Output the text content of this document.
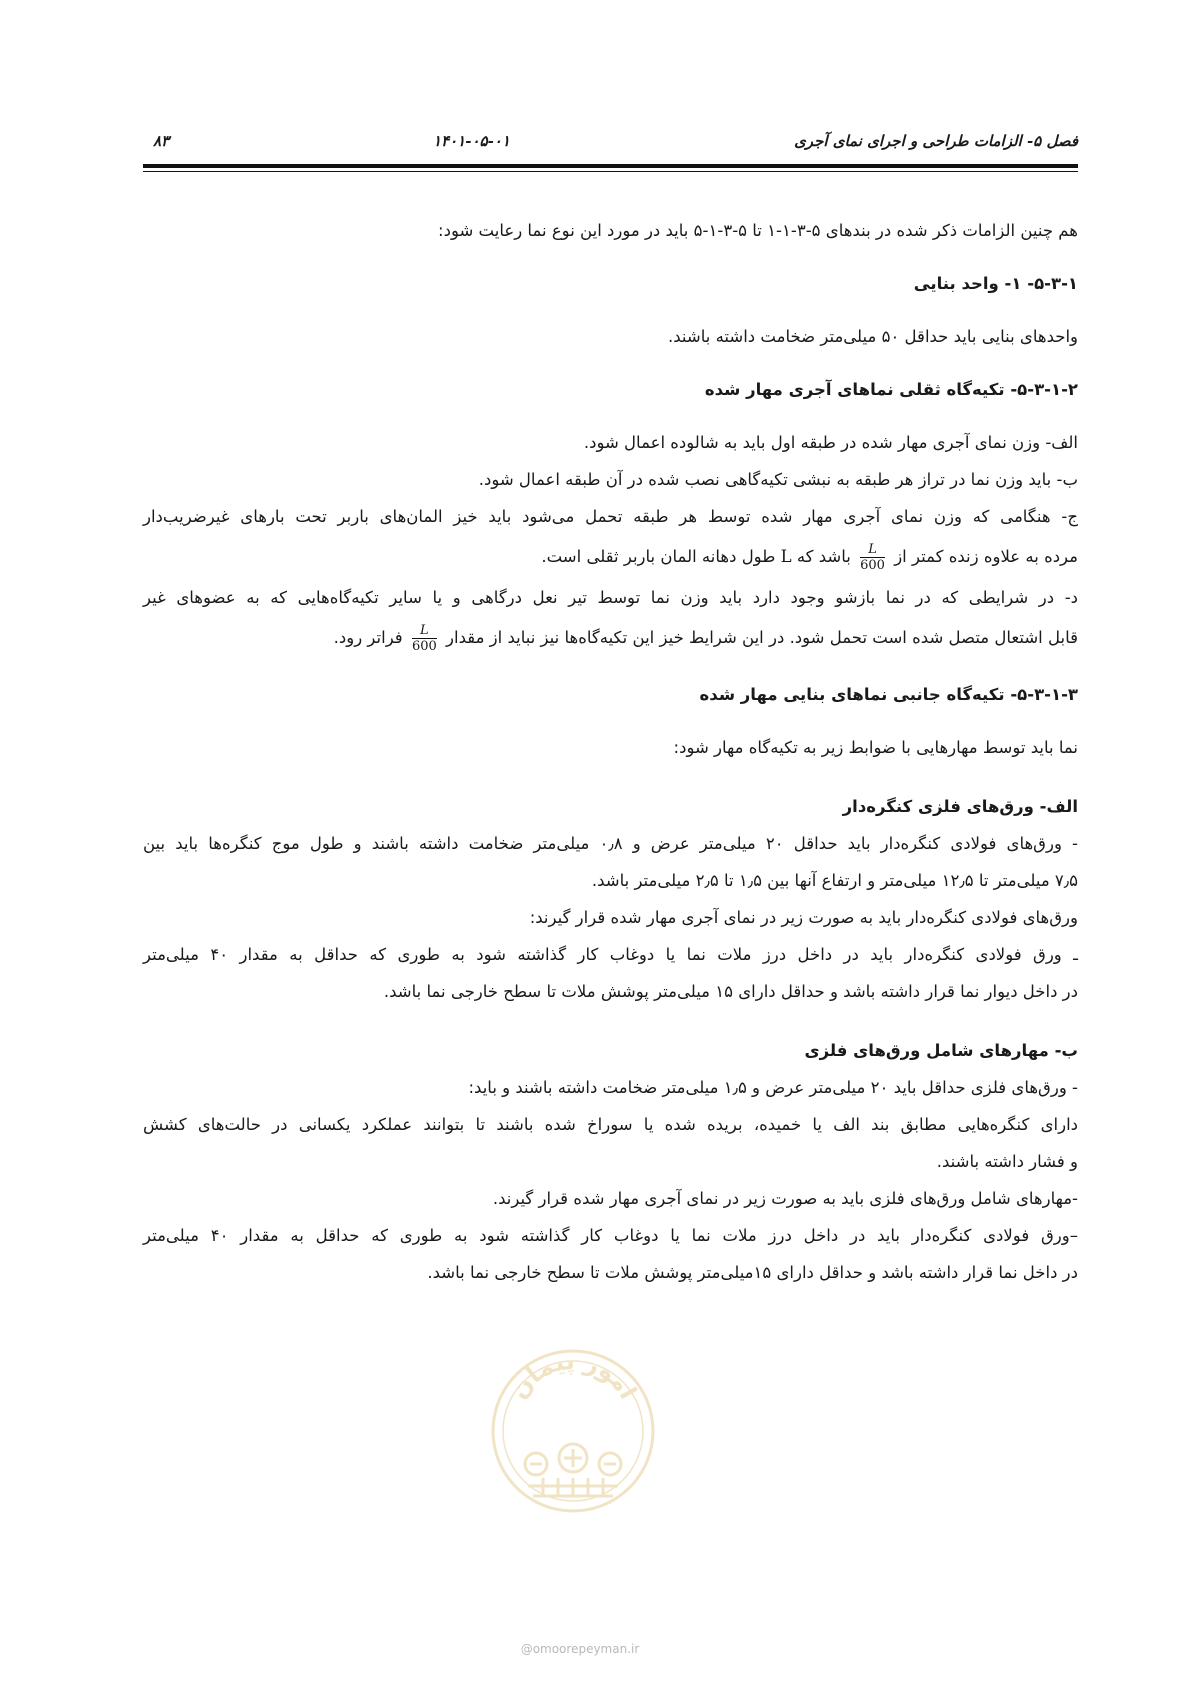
فصل ۵- الزامات طراحی و اجرای نمای آجری
۱۴۰۱-۰۵-۰۱
۸۳
هم چنین الزامات ذکر شده در بندهای ۵-۳-۱-۱ تا ۵-۳-۱-۵ باید در مورد این نوع نما رعایت شود:
۵-۳-۱- ۱- واحد بنایی
واحدهای بنایی باید حداقل ۵۰ میلی‌متر ضخامت داشته باشند.
۵-۳-۱-۲- تکیه‌گاه ثقلی نماهای آجری مهار شده
الف- وزن نمای آجری مهار شده در طبقه اول باید به شالوده اعمال شود.
ب- باید وزن نما در تراز هر طبقه به نبشی تکیه‌گاهی نصب شده در آن طبقه اعمال شود.
ج- هنگامی که وزن نمای آجری مهار شده توسط هر طبقه تحمل می‌شود باید خیز المان‌های باربر تحت بارهای غیرضریب‌دار
مرده به علاوه زنده کمتر از
$\frac{L}{600}$
باشد که L طول دهانه المان باربر ثقلی است.
د- در شرایطی که در نما بازشو وجود دارد باید وزن نما توسط تیر نعل درگاهی و یا سایر تکیه‌گاه‌هایی که به عضوهای غیر
قابل اشتعال متصل شده است تحمل شود. در این شرایط خیز این تکیه‌گاه‌ها نیز نباید از مقدار
$\frac{L}{600}$
فراتر رود.
۵-۳-۱-۳- تکیه‌گاه جانبی نماهای بنایی مهار شده
نما باید توسط مهارهایی با ضوابط زیر به تکیه‌گاه مهار شود:
الف- ورق‌های فلزی کنگره‌دار
- ورق‌های فولادی کنگره‌دار باید حداقل ۲۰ میلی‌متر عرض و ۰٫۸ میلی‌متر ضخامت داشته باشند و طول موج کنگره‌ها باید بین
۷٫۵ میلی‌متر تا ۱۲٫۵ میلی‌متر و ارتفاع آنها بین ۱٫۵ تا ۲٫۵ میلی‌متر باشد.
ورق‌های فولادی کنگره‌دار باید به صورت زیر در نمای آجری مهار شده قرار گیرند:
ـ ورق فولادی کنگره‌دار باید در داخل درز ملات نما یا دوغاب کار گذاشته شود به طوری که حداقل به مقدار ۴۰ میلی‌متر
در داخل دیوار نما قرار داشته باشد و حداقل دارای ۱۵ میلی‌متر پوشش ملات تا سطح خارجی نما باشد.
ب- مهارهای شامل ورق‌های فلزی
- ورق‌های فلزی حداقل باید ۲۰ میلی‌متر عرض و ۱٫۵ میلی‌متر ضخامت داشته باشند و باید:
دارای کنگره‌هایی مطابق بند الف یا خمیده، بریده شده یا سوراخ شده باشند تا بتوانند عملکرد یکسانی در حالت‌های کشش
و فشار داشته باشند.
-مهارهای شامل ورق‌های فلزی باید به صورت زیر در نمای آجری مهار شده قرار گیرند.
–ورق فولادی کنگره‌دار باید در داخل درز ملات نما یا دوغاب کار گذاشته شود به طوری که حداقل به مقدار ۴۰ میلی‌متر
در داخل نما قرار داشته باشد و حداقل دارای ۱۵میلی‌متر پوشش ملات تا سطح خارجی نما باشد.
امور پیمان
@omoorepeyman.ir
